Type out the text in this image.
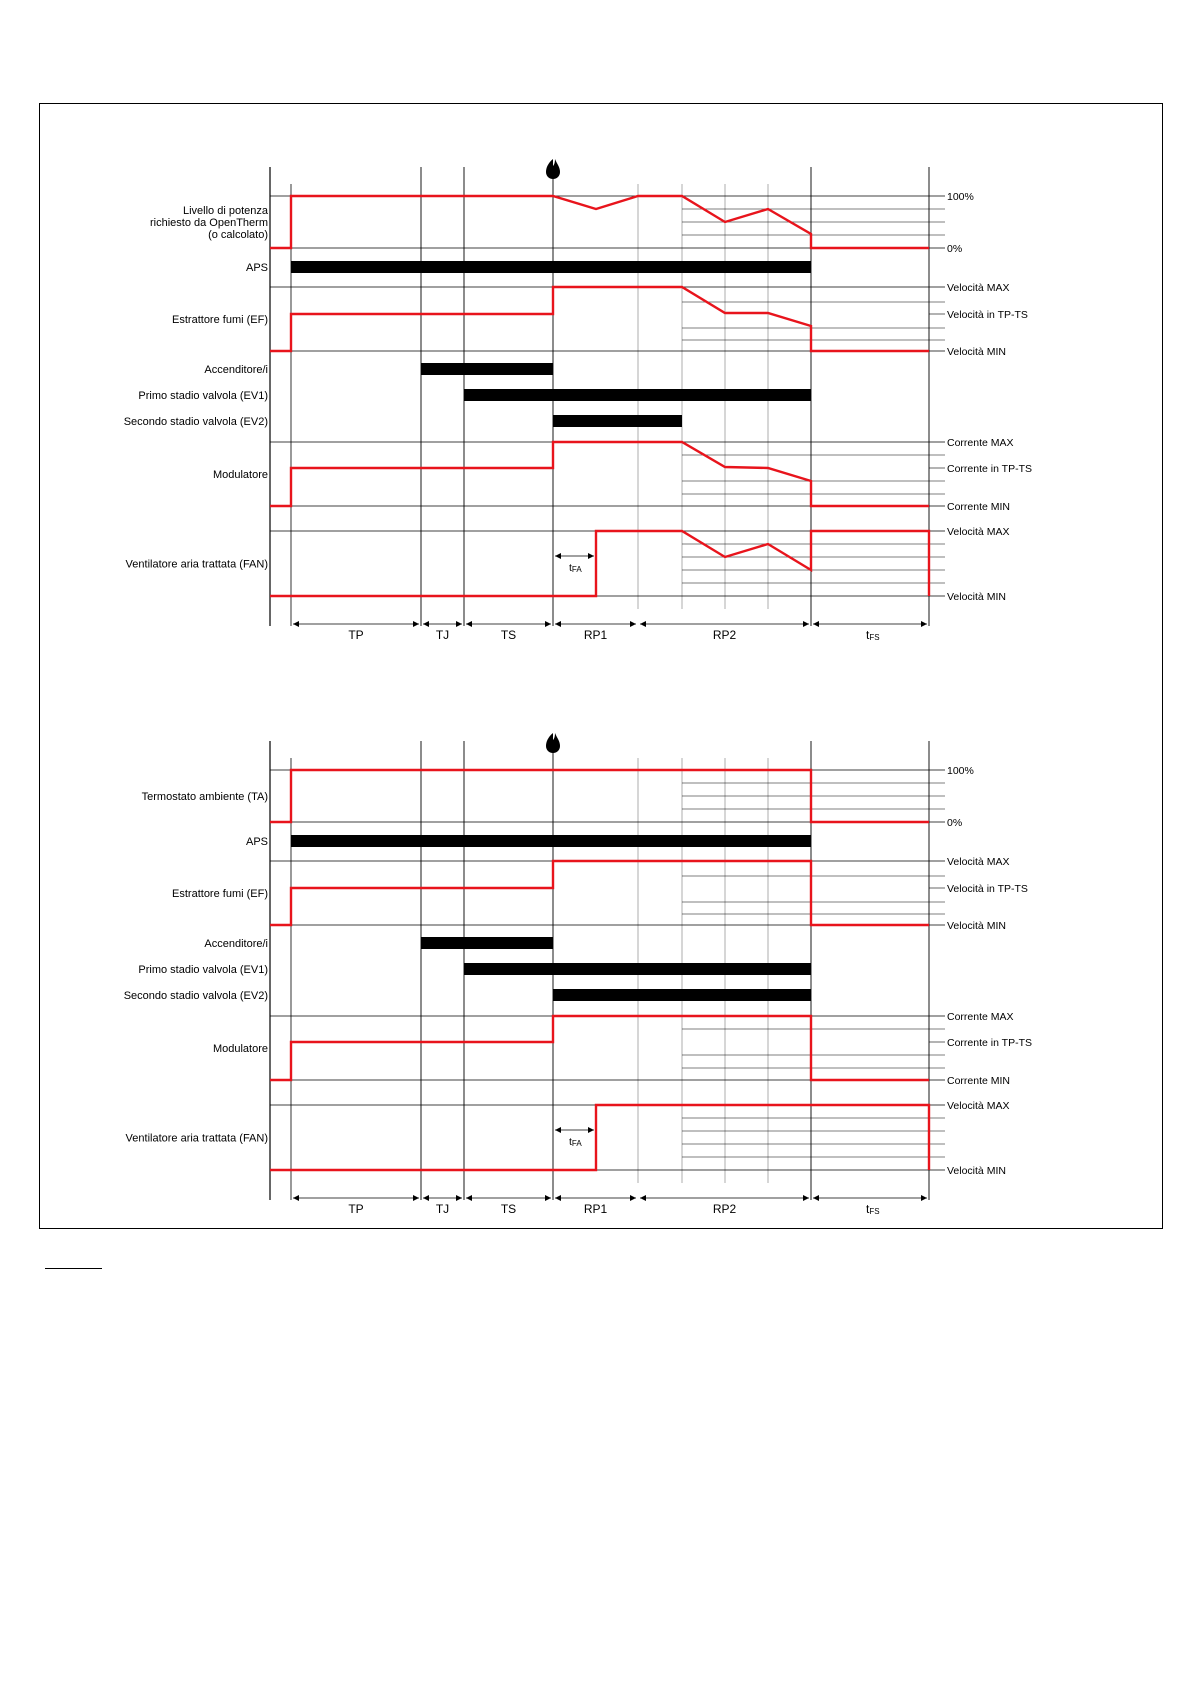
Livello di potenza
richiesto da OpenTherm
(o calcolato)
100%
0%
APS
Estrattore fumi (EF)
Velocità MAX
Velocità MIN
Velocità in TP-TS
Accenditore/i
Primo stadio valvola (EV1)
Secondo stadio valvola (EV2)
Modulatore
Corrente MAX
Corrente MIN
Corrente in TP-TS
Ventilatore aria trattata (FAN)
Velocità MAX
Velocità MIN
tFA
TP	TJ	TS	RP1	RP2	tFS
Termostato ambiente (TA)
100%
0%
APS
Estrattore fumi (EF)
Velocità MAX
Velocità MIN
Velocità in TP-TS
Accenditore/i
Primo stadio valvola (EV1)
Secondo stadio valvola (EV2)
Modulatore
Corrente MAX
Corrente MIN
Corrente in TP-TS
Ventilatore aria trattata (FAN)
Velocità MAX
Velocità MIN
tFA
TP	TJ	TS	RP1	RP2	tFS
